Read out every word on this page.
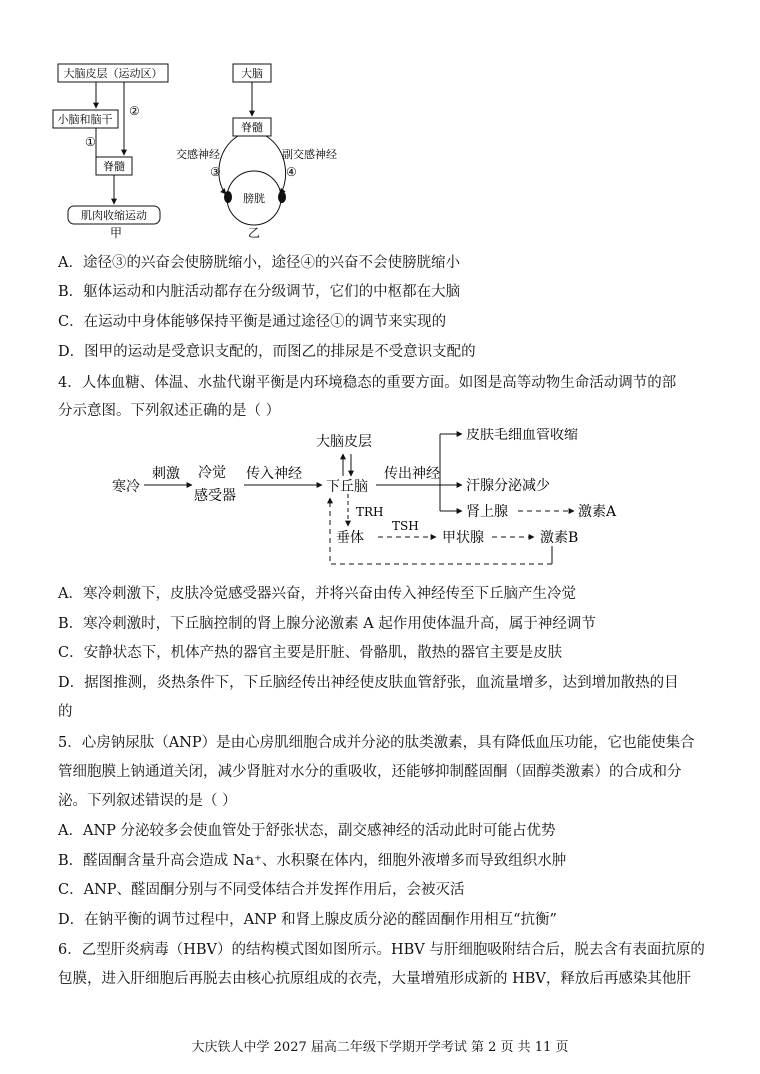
大脑皮层（运动区）
小脑和脑干
脊髓
肌肉收缩运动
①
②
甲
大脑
脊髓
膀胱
交感神经	副交感神经
③	④
乙
A．途径③的兴奋会使膀胱缩小，途径④的兴奋不会使膀胱缩小
B．躯体运动和内脏活动都存在分级调节，它们的中枢都在大脑
C．在运动中身体能够保持平衡是通过途径①的调节来实现的
D．图甲的运动是受意识支配的，而图乙的排尿是不受意识支配的
4．人体血糖、体温、水盐代谢平衡是内环境稳态的重要方面。如图是高等动物生命活动调节的部
分示意图。下列叙述正确的是（ ）
寒冷
刺激 冷觉
感受器
传入神经
大脑皮层
下丘脑
传出神经
皮肤毛细血管收缩
汗腺分泌减少
肾上腺	激素A
TRH
垂体
TSH
甲状腺	激素B
A．寒冷刺激下，皮肤冷觉感受器兴奋，并将兴奋由传入神经传至下丘脑产生冷觉
B．寒冷刺激时，下丘脑控制的肾上腺分泌激素 A 起作用使体温升高，属于神经调节
C．安静状态下，机体产热的器官主要是肝脏、骨骼肌，散热的器官主要是皮肤
D．据图推测，炎热条件下，下丘脑经传出神经使皮肤血管舒张，血流量增多，达到增加散热的目
的
5．心房钠尿肽（ANP）是由心房肌细胞合成并分泌的肽类激素，具有降低血压功能，它也能使集合
管细胞膜上钠通道关闭，减少肾脏对水分的重吸收，还能够抑制醛固酮（固醇类激素）的合成和分
泌。下列叙述错误的是（ ）
A．ANP 分泌较多会使血管处于舒张状态，副交感神经的活动此时可能占优势
B．醛固酮含量升高会造成 Na⁺、水积聚在体内，细胞外液增多而导致组织水肿
C．ANP、醛固酮分别与不同受体结合并发挥作用后，会被灭活
D．在钠平衡的调节过程中，ANP 和肾上腺皮质分泌的醛固酮作用相互“抗衡”
6．乙型肝炎病毒（HBV）的结构模式图如图所示。HBV 与肝细胞吸附结合后，脱去含有表面抗原的
包膜，进入肝细胞后再脱去由核心抗原组成的衣壳，大量增殖形成新的 HBV，释放后再感染其他肝
大庆铁人中学 2027 届高二年级下学期开学考试 第 2 页 共 11 页
